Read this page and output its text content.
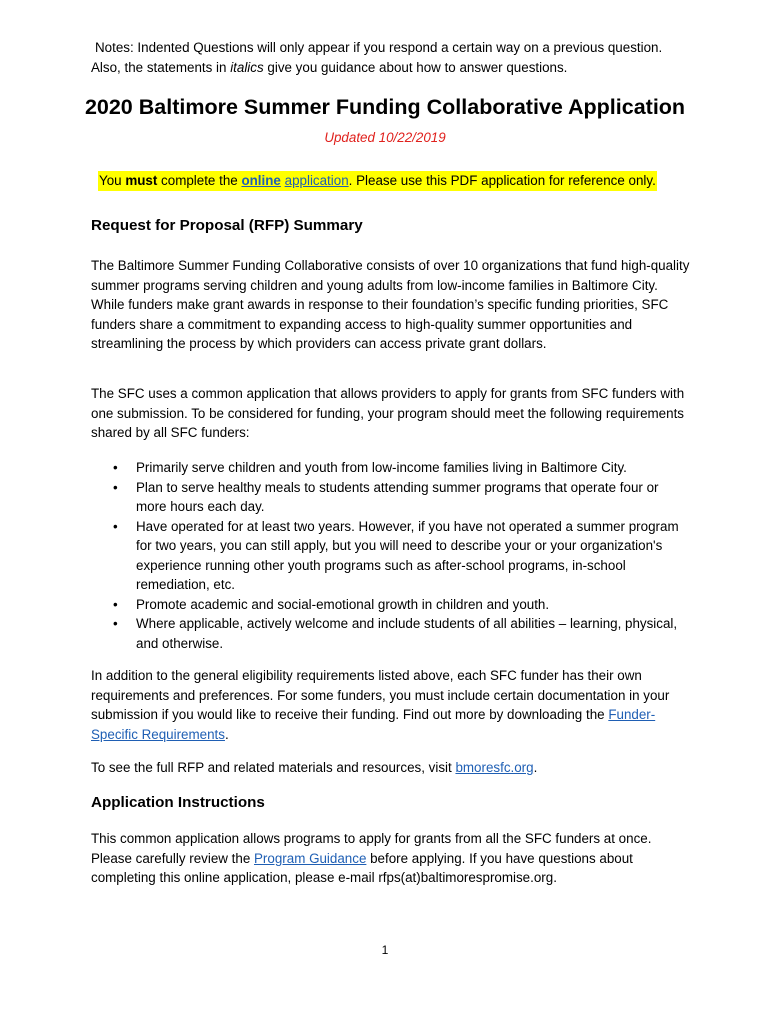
Notes: Indented Questions will only appear if you respond a certain way on a previous question.
Also, the statements in italics give you guidance about how to answer questions.
2020 Baltimore Summer Funding Collaborative Application
Updated 10/22/2019
You must complete the online application. Please use this PDF application for reference only.
Request for Proposal (RFP) Summary

The Baltimore Summer Funding Collaborative consists of over 10 organizations that fund high-quality summer programs serving children and young adults from low-income families in Baltimore City. While funders make grant awards in response to their foundation’s specific funding priorities, SFC funders share a commitment to expanding access to high-quality summer opportunities and streamlining the process by which providers can access private grant dollars.

The SFC uses a common application that allows providers to apply for grants from SFC funders with one submission. To be considered for funding, your program should meet the following requirements shared by all SFC funders:

• Primarily serve children and youth from low-income families living in Baltimore City.
• Plan to serve healthy meals to students attending summer programs that operate four or more hours each day.
• Have operated for at least two years. However, if you have not operated a summer program for two years, you can still apply, but you will need to describe your or your organization's experience running other youth programs such as after-school programs, in-school remediation, etc.
• Promote academic and social-emotional growth in children and youth.
• Where applicable, actively welcome and include students of all abilities – learning, physical, and otherwise.

In addition to the general eligibility requirements listed above, each SFC funder has their own requirements and preferences. For some funders, you must include certain documentation in your submission if you would like to receive their funding. Find out more by downloading the Funder-Specific Requirements.

To see the full RFP and related materials and resources, visit bmoresfc.org.

Application Instructions

This common application allows programs to apply for grants from all the SFC funders at once. Please carefully review the Program Guidance before applying. If you have questions about completing this online application, please e-mail rfps(at)baltimorespromise.org.

1
